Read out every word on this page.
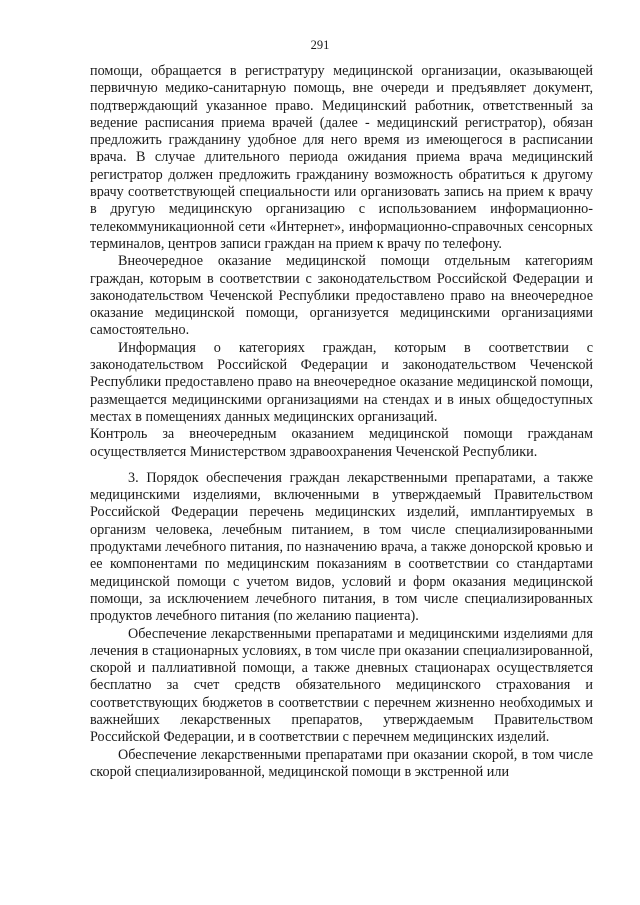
291

помощи, обращается в регистратуру медицинской организации, оказывающей первичную медико-санитарную помощь, вне очереди и предъявляет документ, подтверждающий указанное право. Медицинский работник, ответственный за ведение расписания приема врачей (далее - медицинский регистратор), обязан предложить гражданину удобное для него время из имеющегося в расписании врача. В случае длительного периода ожидания приема врача медицинский регистратор должен предложить гражданину возможность обратиться к другому врачу соответствующей специальности или организовать запись на прием к врачу в другую медицинскую организацию с использованием информационно-телекоммуникационной сети «Интернет», информационно-справочных сенсорных терминалов, центров записи граждан на прием к врачу по телефону.

Внеочередное оказание медицинской помощи отдельным категориям граждан, которым в соответствии с законодательством Российской Федерации и законодательством Чеченской Республики предоставлено право на внеочередное оказание медицинской помощи, организуется медицинскими организациями самостоятельно.

Информация о категориях граждан, которым в соответствии с законодательством Российской Федерации и законодательством Чеченской Республики предоставлено право на внеочередное оказание медицинской помощи, размещается медицинскими организациями на стендах и в иных общедоступных местах в помещениях данных медицинских организаций.

Контроль за внеочередным оказанием медицинской помощи гражданам осуществляется Министерством здравоохранения Чеченской Республики.

3. Порядок обеспечения граждан лекарственными препаратами, а также медицинскими изделиями, включенными в утверждаемый Правительством Российской Федерации перечень медицинских изделий, имплантируемых в организм человека, лечебным питанием, в том числе специализированными продуктами лечебного питания, по назначению врача, а также донорской кровью и ее компонентами по медицинским показаниям в соответствии со стандартами медицинской помощи с учетом видов, условий и форм оказания медицинской помощи, за исключением лечебного питания, в том числе специализированных продуктов лечебного питания (по желанию пациента).

Обеспечение лекарственными препаратами и медицинскими изделиями для лечения в стационарных условиях, в том числе при оказании специализированной, скорой и паллиативной помощи, а также дневных стационарах осуществляется бесплатно за счет средств обязательного медицинского страхования и соответствующих бюджетов в соответствии с перечнем жизненно необходимых и важнейших лекарственных препаратов, утверждаемым Правительством Российской Федерации, и в соответствии с перечнем медицинских изделий.

Обеспечение лекарственными препаратами при оказании скорой, в том числе скорой специализированной, медицинской помощи в экстренной или
